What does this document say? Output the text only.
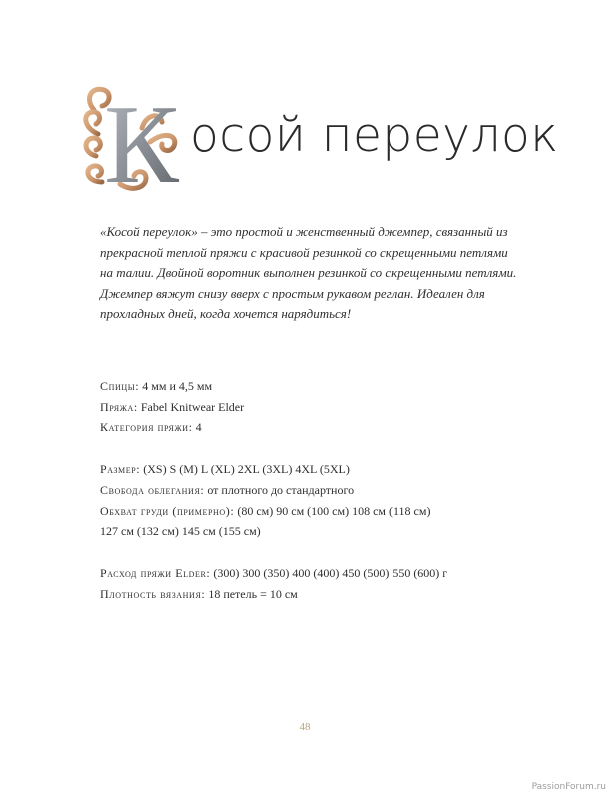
К осой переулок

«Косой переулок» – это простой и женственный джемпер, связанный из прекрасной теплой пряжи с красивой резинкой со скрещенными петлями на талии. Двойной воротник выполнен резинкой со скрещенными петлями. Джемпер вяжут снизу вверх с простым рукавом реглан. Идеален для прохладных дней, когда хочется нарядиться!

Спицы: 4 мм и 4,5 мм
Пряжа: Fabel Knitwear Elder
Категория пряжи: 4
Размер: (XS) S (M) L (XL) 2XL (3XL) 4XL (5XL)
Свобода облегания: от плотного до стандартного
Обхват груди (примерно): (80 см) 90 см (100 см) 108 см (118 см)
127 см (132 см) 145 см (155 см)
Расход пряжи Elder: (300) 300 (350) 400 (400) 450 (500) 550 (600) г
Плотность вязания: 18 петель = 10 см
48
PassionForum.ru
